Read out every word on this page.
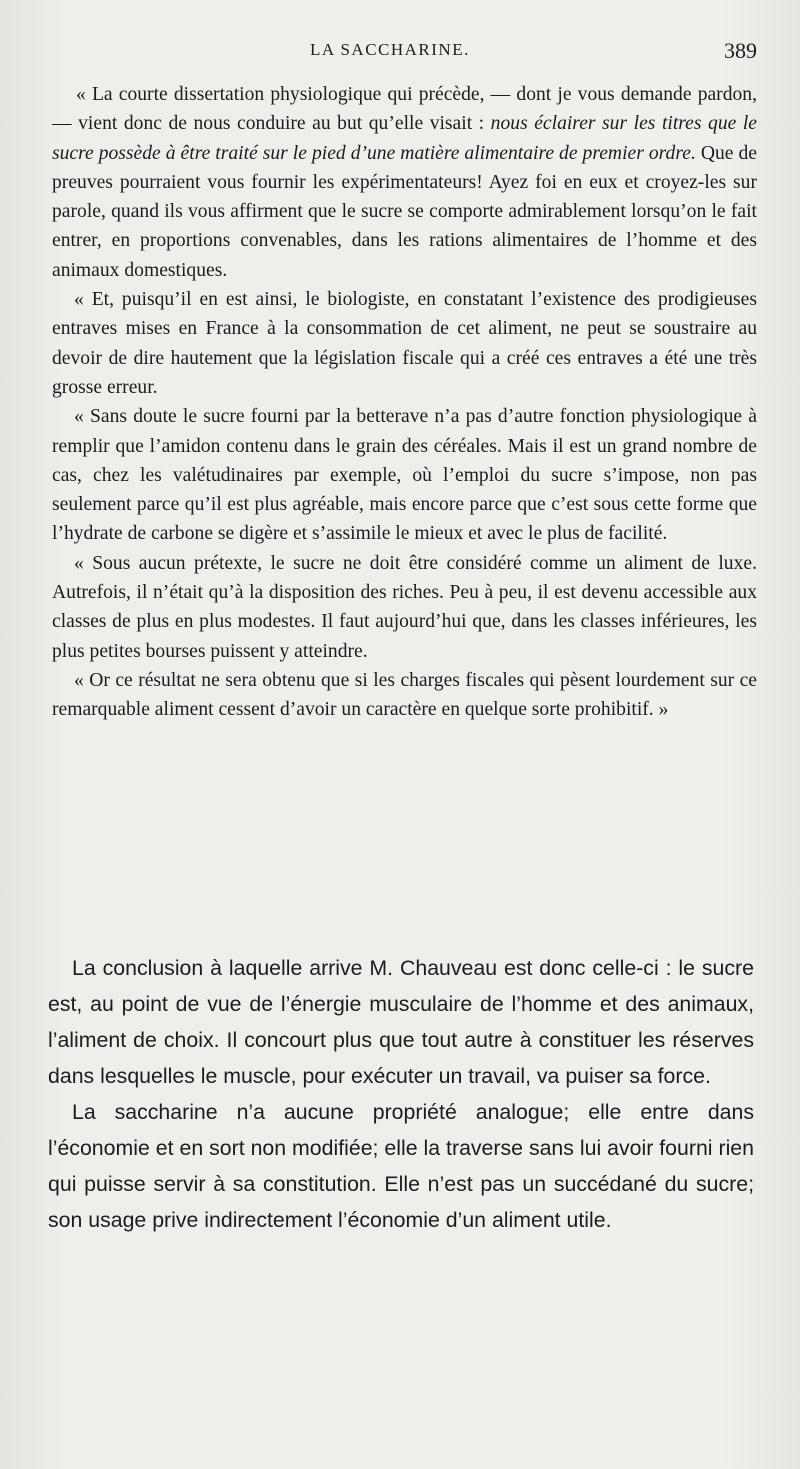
LA SACCHARINE.	389

« La courte dissertation physiologique qui précède, — dont je vous demande pardon, — vient donc de nous conduire au but qu’elle visait : nous éclairer sur les titres que le sucre possède à être traité sur le pied d’une matière alimentaire de premier ordre. Que de preuves pourraient vous fournir les expérimentateurs! Ayez foi en eux et croyez-les sur parole, quand ils vous affirment que le sucre se comporte admirablement lorsqu’on le fait entrer, en proportions convenables, dans les rations alimentaires de l’homme et des animaux domestiques.

« Et, puisqu’il en est ainsi, le biologiste, en constatant l’existence des prodigieuses entraves mises en France à la consommation de cet aliment, ne peut se soustraire au devoir de dire hautement que la législation fiscale qui a créé ces entraves a été une très grosse erreur.

« Sans doute le sucre fourni par la betterave n’a pas d’autre fonction physiologique à remplir que l’amidon contenu dans le grain des céréales. Mais il est un grand nombre de cas, chez les valétudinaires par exemple, où l’emploi du sucre s’impose, non pas seulement parce qu’il est plus agréable, mais encore parce que c’est sous cette forme que l’hydrate de carbone se digère et s’assimile le mieux et avec le plus de facilité.

« Sous aucun prétexte, le sucre ne doit être considéré comme un aliment de luxe. Autrefois, il n’était qu’à la disposition des riches. Peu à peu, il est devenu accessible aux classes de plus en plus modestes. Il faut aujourd’hui que, dans les classes inférieures, les plus petites bourses puissent y atteindre.

« Or ce résultat ne sera obtenu que si les charges fiscales qui pèsent lourdement sur ce remarquable aliment cessent d’avoir un caractère en quelque sorte prohibitif. »

La conclusion à laquelle arrive M. Chauveau est donc celle-ci : le sucre est, au point de vue de l’énergie musculaire de l’homme et des animaux, l’aliment de choix. Il concourt plus que tout autre à constituer les réserves dans lesquelles le muscle, pour exécuter un travail, va puiser sa force.

La saccharine n’a aucune propriété analogue; elle entre dans l’économie et en sort non modifiée; elle la traverse sans lui avoir fourni rien qui puisse servir à sa constitution. Elle n’est pas un succédané du sucre; son usage prive indirectement l’économie d’un aliment utile.
